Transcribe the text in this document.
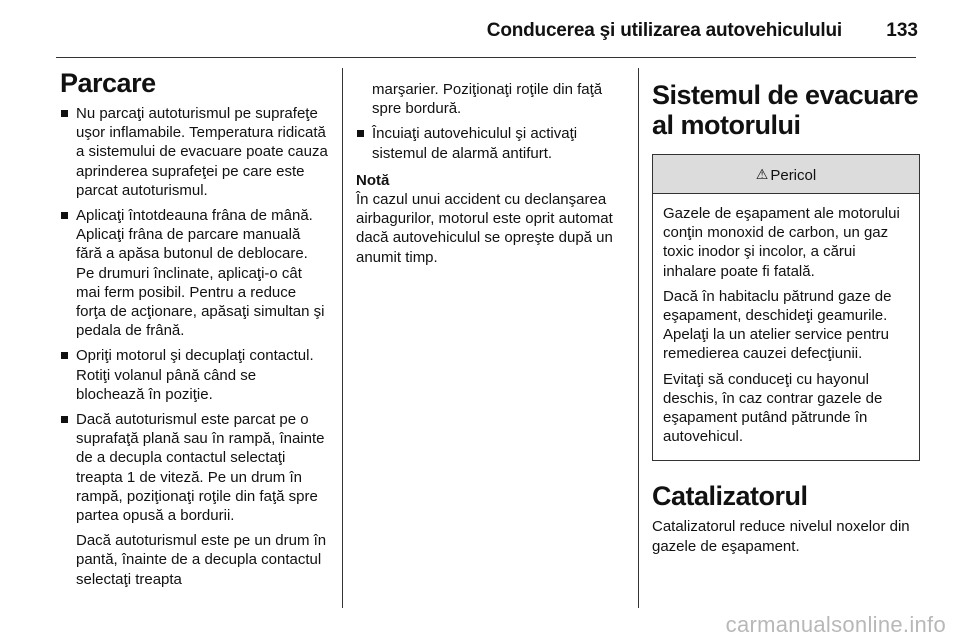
Conducerea şi utilizarea autovehiculului 133
Parcare
Nu parcaţi autoturismul pe suprafeţe uşor inflamabile. Temperatura ridicată a sistemului de evacuare poate cauza aprinderea suprafeţei pe care este parcat autoturismul.
Aplicaţi întotdeauna frâna de mână. Aplicaţi frâna de parcare manuală fără a apăsa butonul de deblocare. Pe drumuri înclinate, aplicaţi-o cât mai ferm posibil. Pentru a reduce forţa de acţionare, apăsaţi simultan şi pedala de frână.
Opriţi motorul şi decuplaţi contactul. Rotiţi volanul până când se blochează în poziţie.
Dacă autoturismul este parcat pe o suprafaţă plană sau în rampă, înainte de a decupla contactul selectaţi treapta 1 de viteză. Pe un drum în rampă, poziţionaţi roţile din faţă spre partea opusă a bordurii.

Dacă autoturismul este pe un drum în pantă, înainte de a decupla contactul selectaţi treapta

marşarier. Poziţionaţi roţile din faţă spre bordură.

Încuiaţi autovehiculul şi activaţi sistemul de alarmă antifurt.
Notă

În cazul unui accident cu declanşarea airbagurilor, motorul este oprit automat dacă autovehiculul se opreşte după un anumit timp.

Sistemul de evacuare al motorului
⚠ Pericol

Gazele de eşapament ale motorului conţin monoxid de carbon, un gaz toxic inodor şi incolor, a cărui inhalare poate fi fatală.

Dacă în habitaclu pătrund gaze de eşapament, deschideţi geamurile. Apelaţi la un atelier service pentru remedierea cauzei defecţiunii.

Evitaţi să conduceţi cu hayonul deschis, în caz contrar gazele de eşapament putând pătrunde în autovehicul.

Catalizatorul

Catalizatorul reduce nivelul noxelor din gazele de eşapament.

carmanualsonline.info
